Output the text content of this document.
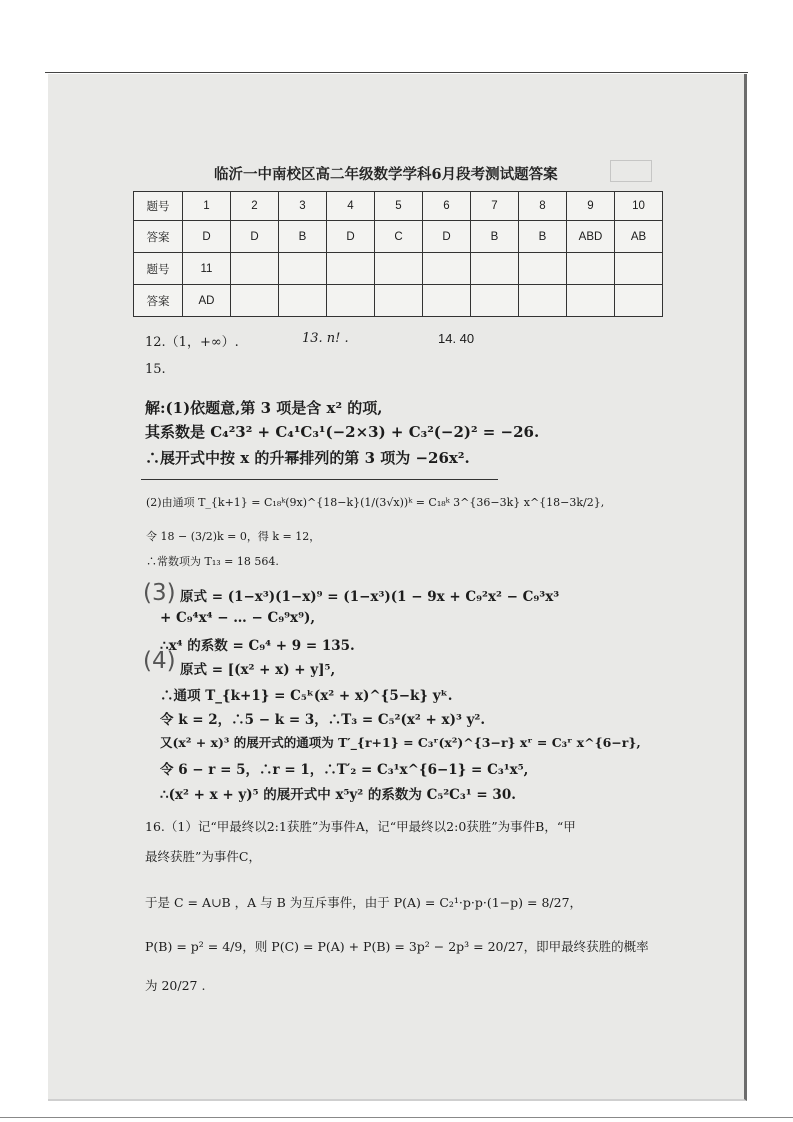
临沂一中南校区高二年级数学学科6月段考测试题答案
题号	1	2	3	4	5	6	7	8	9	10
答案	D	D	B	D	C	D	B	B	ABD	AB
题号	11									
答案	AD									
12.（1，+∞）.	13. n! .	14. 40
15.
解:(1)依题意,第 3 项是含 x² 的项,
其系数是 C₄²3² + C₄¹C₃¹(−2×3) + C₃²(−2)² = −26.
∴展开式中按 x 的升幂排列的第 3 项为 −26x².
(2)由通项 T_{k+1} = C₁₈ᵏ(9x)^{18−k}(1/(3√x))ᵏ = C₁₈ᵏ 3^{36−3k} x^{18−3k/2},
令 18 − (3/2)k = 0，得 k = 12，
∴常数项为 T₁₃ = 18 564.
(3) 原式 = (1−x³)(1−x)⁹ = (1−x³)(1 − 9x + C₉²x² − C₉³x³
+ C₉⁴x⁴ − … − C₉⁹x⁹),
∴x⁴ 的系数 = C₉⁴ + 9 = 135.
(4) 原式 = [(x² + x) + y]⁵,
∴通项 T_{k+1} = C₅ᵏ(x² + x)^{5−k} yᵏ.
令 k = 2，∴5 − k = 3，∴T₃ = C₅²(x² + x)³ y².
又(x² + x)³ 的展开式的通项为 T′_{r+1} = C₃ʳ(x²)^{3−r} xʳ = C₃ʳ x^{6−r},
令 6 − r = 5，∴r = 1，∴T′₂ = C₃¹x^{6−1} = C₃¹x⁵,
∴(x² + x + y)⁵ 的展开式中 x⁵y² 的系数为 C₅²C₃¹ = 30.
16.（1）记“甲最终以2:1获胜”为事件A，记“甲最终以2:0获胜”为事件B，“甲
最终获胜”为事件C，
于是 C = A∪B ，A 与 B 为互斥事件，由于 P(A) = C₂¹·p·p·(1−p) = 8/27，
P(B) = p² = 4/9，则 P(C) = P(A) + P(B) = 3p² − 2p³ = 20/27，即甲最终获胜的概率
为 20/27 .
